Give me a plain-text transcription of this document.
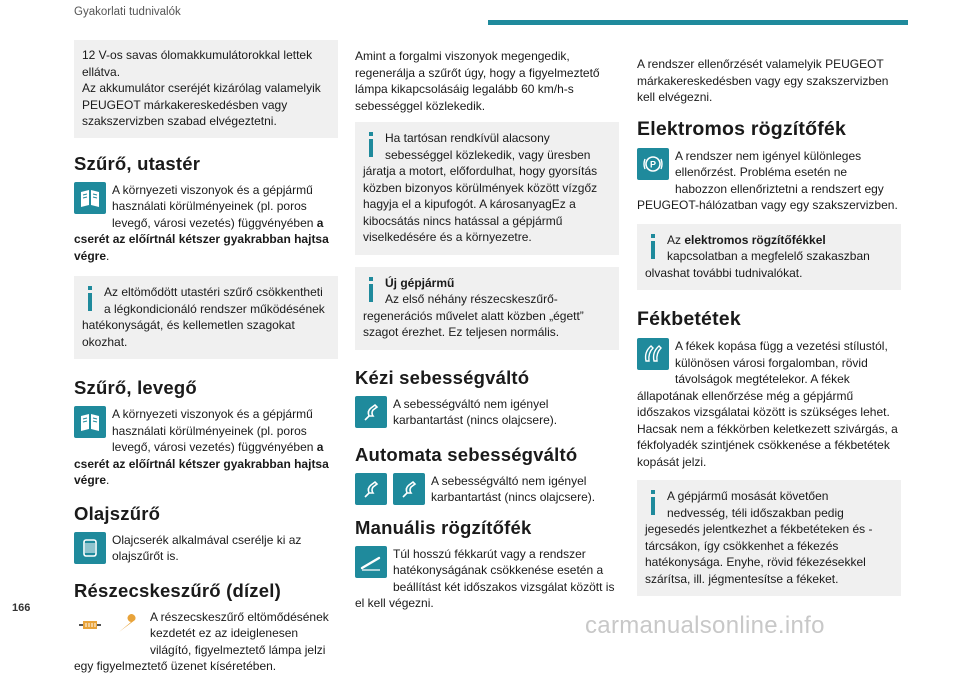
Gyakorlati tudnivalók
12 V-os savas ólomakkumulátorokkal lettek ellátva.
Az akkumulátor cseréjét kizárólag valamelyik PEUGEOT márkakereskedésben vagy szakszervizben szabad elvégeztetni.
Szűrő, utastér

A környezeti viszonyok és a gépjármű használati körülményeinek (pl. poros levegő, városi vezetés) függvényében a cserét az előírtnál kétszer gyakrabban hajtsa végre.

Az eltömődött utastéri szűrő csökkentheti a légkondicionáló rendszer működésének hatékonyságát, és kellemetlen szagokat okozhat.
Szűrő, levegő

A környezeti viszonyok és a gépjármű használati körülményeinek (pl. poros levegő, városi vezetés) függvényében a cserét az előírtnál kétszer gyakrabban hajtsa végre.

Olajszűrő

Olajcserék alkalmával cserélje ki az olajszűrőt is.

Részecskeszűrő (dízel)

A részecskeszűrő eltömődésének kezdetét ez az ideiglenesen világító, figyelmeztető lámpa jelzi egy figyelmeztető üzenet kíséretében.

Amint a forgalmi viszonyok megengedik, regenerálja a szűrőt úgy, hogy a figyelmeztető lámpa kikapcsolásáig legalább 60 km/h-s sebességgel közlekedik.

Ha tartósan rendkívül alacsony sebességgel közlekedik, vagy üresben járatja a motort, előfordulhat, hogy gyorsítás közben bizonyos körülmények között vízgőz hagyja el a kipufogót. A károsanyagEz a kibocsátás nincs hatással a gépjármű viselkedésére és a környezetre.
Új gépjármű
Az első néhány részecskeszűrő-regenerációs művelet alatt közben „égett” szagot érezhet. Ez teljesen normális.
Kézi sebességváltó

A sebességváltó nem igényel karbantartást (nincs olajcsere).

Automata sebességváltó

A sebességváltó nem igényel karbantartást (nincs olajcsere).

Manuális rögzítőfék

Túl hosszú fékkarút vagy a rendszer hatékonyságának csökkenése esetén a beállítást két időszakos vizsgálat között is el kell végezni.

A rendszer ellenőrzését valamelyik PEUGEOT márkakereskedésben vagy egy szakszervizben kell elvégezni.

Elektromos rögzítőfék
P

A rendszer nem igényel különleges ellenőrzést. Probléma esetén ne habozzon ellenőriztetni a rendszert egy PEUGEOT-hálózatban vagy egy szakszervizben.

Az elektromos rögzítőfékkel kapcsolatban a megfelelő szakaszban olvashat további tudnivalókat.
Fékbetétek

A fékek kopása függ a vezetési stílustól, különösen városi forgalomban, rövid távolságok megtételekor. A fékek állapotának ellenőrzése még a gépjármű időszakos vizsgálatai között is szükséges lehet.
Hacsak nem a fékkörben keletkezett szivárgás, a fékfolyadék szintjének csökkenése a fékbetétek kopását jelzi.

A gépjármű mosását követően nedvesség, téli időszakban pedig jegesedés jelentkezhet a fékbetéteken és -tárcsákon, így csökkenhet a fékezés hatékonysága. Enyhe, rövid fékezésekkel szárítsa, ill. jégmentesítse a fékeket.
166
carmanualsonline.info
